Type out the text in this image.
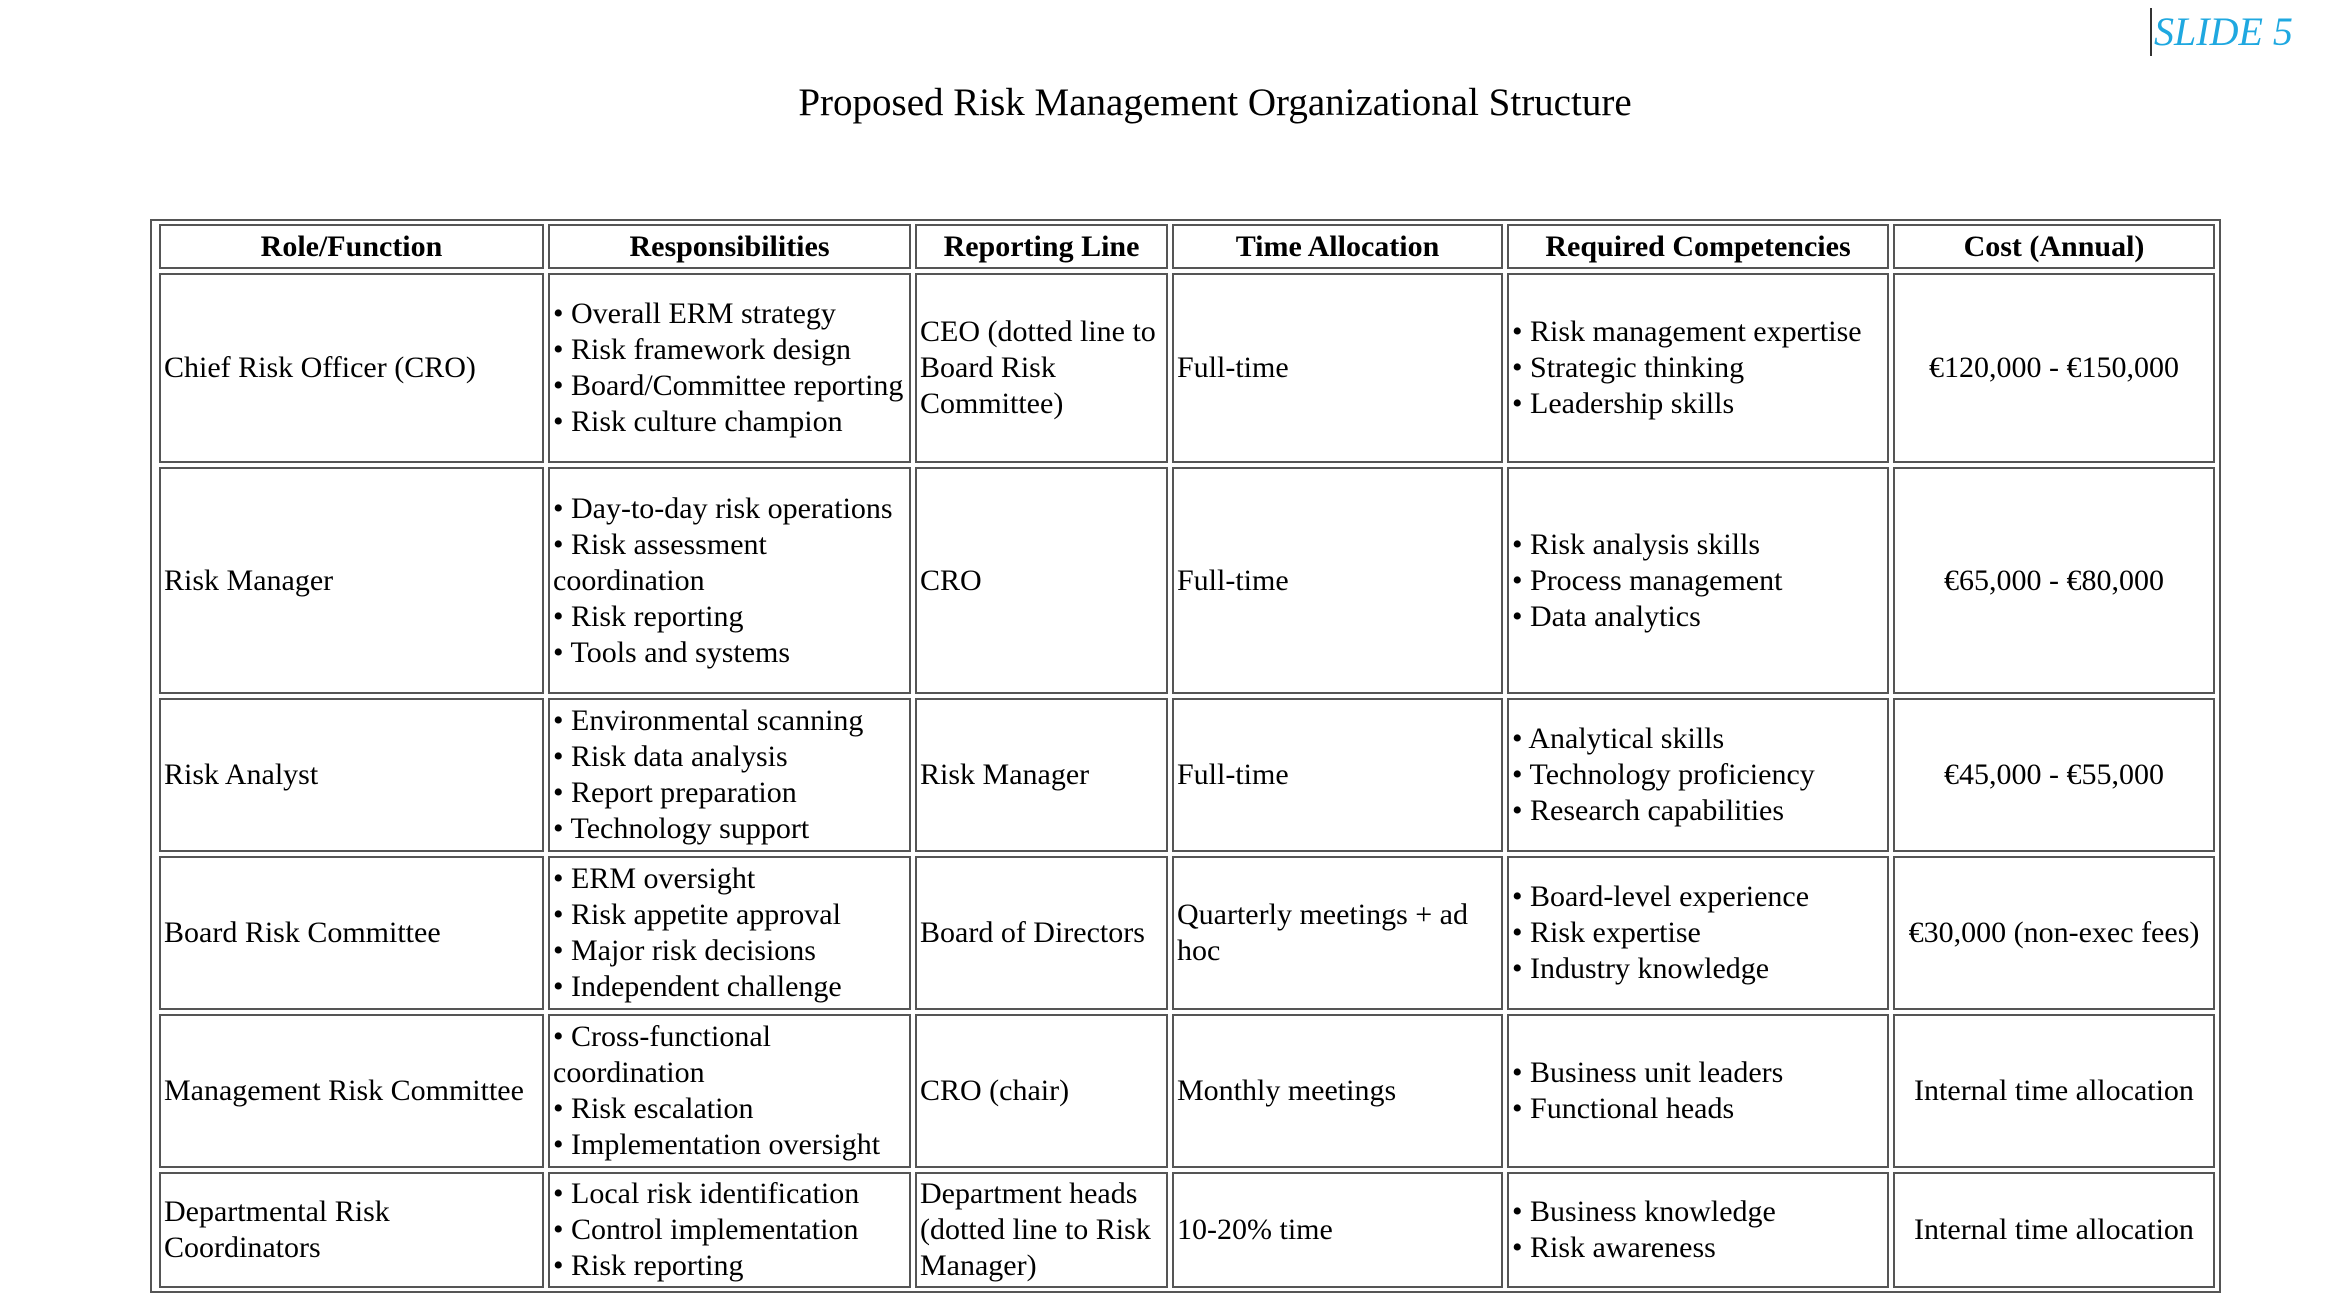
SLIDE 5
Proposed Risk Management Organizational Structure
Role/Function	Responsibilities	Reporting Line	Time Allocation	Required Competencies	Cost (Annual)
Chief Risk Officer (CRO)	• Overall ERM strategy
• Risk framework design
• Board/Committee reporting
• Risk culture champion	CEO (dotted line to Board Risk Committee)	Full-time	• Risk management expertise
• Strategic thinking
• Leadership skills	€120,000 - €150,000
Risk Manager	• Day-to-day risk operations
• Risk assessment coordination
• Risk reporting
• Tools and systems	CRO	Full-time	• Risk analysis skills
• Process management
• Data analytics	€65,000 - €80,000
Risk Analyst	• Environmental scanning
• Risk data analysis
• Report preparation
• Technology support	Risk Manager	Full-time	• Analytical skills
• Technology proficiency
• Research capabilities	€45,000 - €55,000
Board Risk Committee	• ERM oversight
• Risk appetite approval
• Major risk decisions
• Independent challenge	Board of Directors	Quarterly meetings + ad hoc	• Board-level experience
• Risk expertise
• Industry knowledge	€30,000 (non-exec fees)
Management Risk Committee	• Cross-functional coordination
• Risk escalation
• Implementation oversight	CRO (chair)	Monthly meetings	• Business unit leaders
• Functional heads	Internal time allocation
Departmental Risk Coordinators	• Local risk identification
• Control implementation
• Risk reporting	Department heads (dotted line to Risk Manager)	10-20% time	• Business knowledge
• Risk awareness	Internal time allocation
